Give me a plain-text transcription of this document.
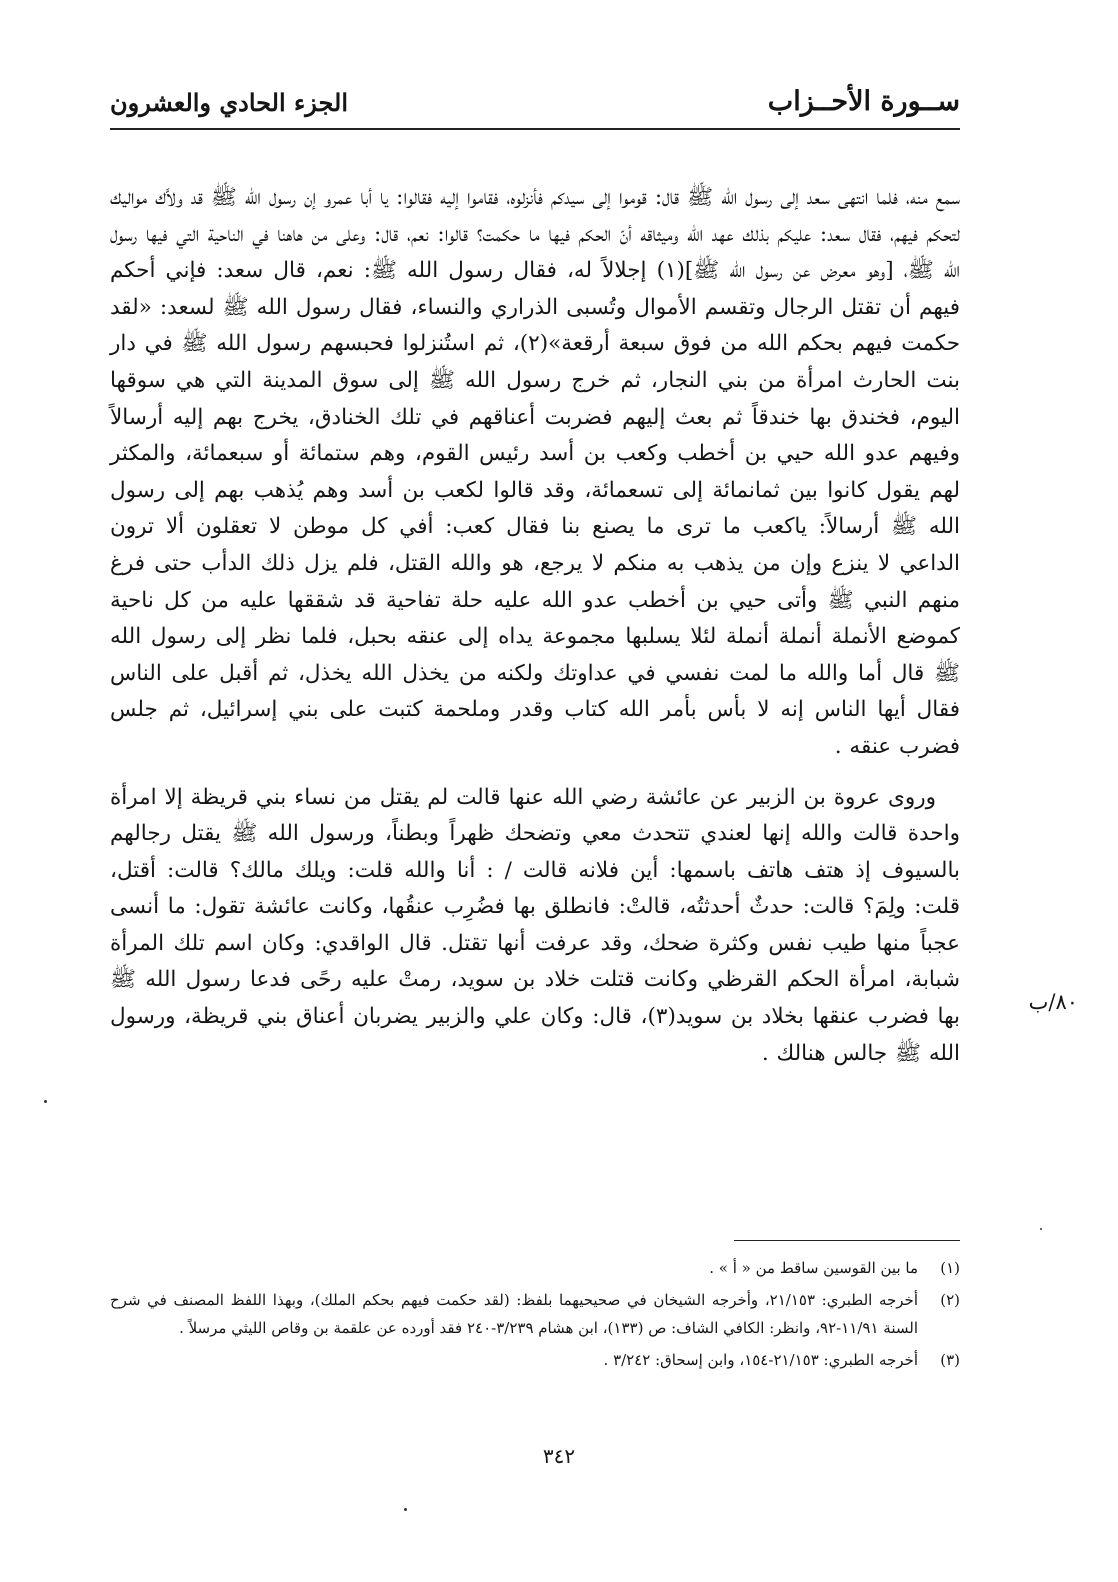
ســورة الأحــزاب
الجزء الحادي والعشرون

سمع منه، فلما انتهى سعد إلى رسول الله ﷺ قال: قوموا إلى سيدكم فأنزلوه، فقاموا إليه فقالوا: يا أبا عمرو إن رسول الله ﷺ قد ولاَّك مواليك لتحكم فيهم، فقال سعد: عليكم بذلك عهد الله وميثاقه أنّ الحكم فيها ما حكمت؟ قالوا: نعم، قال: وعلى من هاهنا في الناحية التي فيها رسول الله ﷺ، [وهو معرض عن رسول الله ﷺ](١) إجلالاً له، فقال رسول الله ﷺ: نعم، قال سعد: فإني أحكم فيهم أن تقتل الرجال وتقسم الأموال وتُسبى الذراري والنساء، فقال رسول الله ﷺ لسعد: «لقد حكمت فيهم بحكم الله من فوق سبعة أرقعة»(٢)، ثم استُنزلوا فحبسهم رسول الله ﷺ في دار بنت الحارث امرأة من بني النجار، ثم خرج رسول الله ﷺ إلى سوق المدينة التي هي سوقها اليوم، فخندق بها خندقاً ثم بعث إليهم فضربت أعناقهم في تلك الخنادق، يخرج بهم إليه أرسالاً وفيهم عدو الله حيي بن أخطب وكعب بن أسد رئيس القوم، وهم ستمائة أو سبعمائة، والمكثر لهم يقول كانوا بين ثمانمائة إلى تسعمائة، وقد قالوا لكعب بن أسد وهم يُذهب بهم إلى رسول الله ﷺ أرسالاً: ياكعب ما ترى ما يصنع بنا فقال كعب: أفي كل موطن لا تعقلون ألا ترون الداعي لا ينزع وإن من يذهب به منكم لا يرجع، هو والله القتل، فلم يزل ذلك الدأب حتى فرغ منهم النبي ﷺ وأتى حيي بن أخطب عدو الله عليه حلة تفاحية قد شققها عليه من كل ناحية كموضع الأنملة أنملة أنملة لئلا يسلبها مجموعة يداه إلى عنقه بحبل، فلما نظر إلى رسول الله ﷺ قال أما والله ما لمت نفسي في عداوتك ولكنه من يخذل الله يخذل، ثم أقبل على الناس فقال أيها الناس إنه لا بأس بأمر الله كتاب وقدر وملحمة كتبت على بني إسرائيل، ثم جلس فضرب عنقه .

وروى عروة بن الزبير عن عائشة رضي الله عنها قالت لم يقتل من نساء بني قريظة إلا امرأة واحدة قالت والله إنها لعندي تتحدث معي وتضحك ظهراً وبطناً، ورسول الله ﷺ يقتل رجالهم بالسيوف إذ هتف هاتف باسمها: أين فلانه قالت / : أنا والله قلت: ويلك مالك؟ قالت: أقتل، قلت: ولِمَ؟ قالت: حدثٌ أحدثتُه، قالتْ: فانطلق بها فضُرِب عنقُها، وكانت عائشة تقول: ما أنسى عجباً منها طيب نفس وكثرة ضحك، وقد عرفت أنها تقتل. قال الواقدي: وكان اسم تلك المرأة شبابة، امرأة الحكم القرظي وكانت قتلت خلاد بن سويد، رمتْ عليه رحًى فدعا رسول الله ﷺ بها فضرب عنقها بخلاد بن سويد(٣)، قال: وكان علي والزبير يضربان أعناق بني قريظة، ورسول الله ﷺ جالس هنالك .

٨٠/ب
(١)
ما بين القوسين ساقط من « أ » .
(٢)
أخرجه الطبري: ٢١/١٥٣، وأخرجه الشيخان في صحيحيهما بلفظ: (لقد حكمت فيهم بحكم الملك)، وبهذا اللفظ المصنف في شرح السنة ١١/٩١-٩٢، وانظر: الكافي الشاف: ص (١٣٣)، ابن هشام ٣/٢٣٩-٢٤٠ فقد أورده عن علقمة بن وقاص الليثي مرسلاً .
(٣)
أخرجه الطبري: ٢١/١٥٣-١٥٤، وابن إسحاق: ٣/٢٤٢ .
٣٤٢
